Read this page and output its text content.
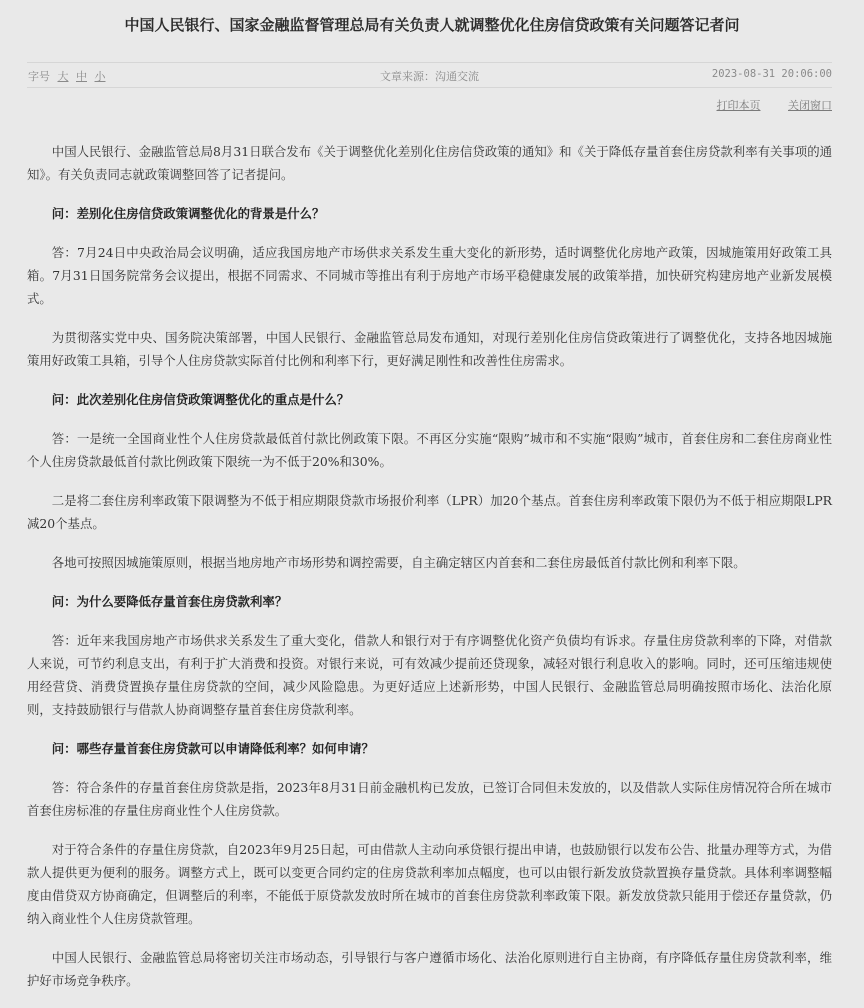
中国人民银行、国家金融监督管理总局有关负责人就调整优化住房信贷政策有关问题答记者问
字号 大 中 小	文章来源：沟通交流	2023-08-31 20:06:00
打印本页	关闭窗口

中国人民银行、金融监管总局8月31日联合发布《关于调整优化差别化住房信贷政策的通知》和《关于降低存量首套住房贷款利率有关事项的通知》。有关负责同志就政策调整回答了记者提问。

问：差别化住房信贷政策调整优化的背景是什么？

答：7月24日中央政治局会议明确，适应我国房地产市场供求关系发生重大变化的新形势，适时调整优化房地产政策，因城施策用好政策工具箱。7月31日国务院常务会议提出，根据不同需求、不同城市等推出有利于房地产市场平稳健康发展的政策举措，加快研究构建房地产业新发展模式。

为贯彻落实党中央、国务院决策部署，中国人民银行、金融监管总局发布通知，对现行差别化住房信贷政策进行了调整优化，支持各地因城施策用好政策工具箱，引导个人住房贷款实际首付比例和利率下行，更好满足刚性和改善性住房需求。

问：此次差别化住房信贷政策调整优化的重点是什么？

答：一是统一全国商业性个人住房贷款最低首付款比例政策下限。不再区分实施“限购”城市和不实施“限购”城市，首套住房和二套住房商业性个人住房贷款最低首付款比例政策下限统一为不低于20%和30%。

二是将二套住房利率政策下限调整为不低于相应期限贷款市场报价利率（LPR）加20个基点。首套住房利率政策下限仍为不低于相应期限LPR减20个基点。

各地可按照因城施策原则，根据当地房地产市场形势和调控需要，自主确定辖区内首套和二套住房最低首付款比例和利率下限。

问：为什么要降低存量首套住房贷款利率？

答：近年来我国房地产市场供求关系发生了重大变化，借款人和银行对于有序调整优化资产负债均有诉求。存量住房贷款利率的下降，对借款人来说，可节约利息支出，有利于扩大消费和投资。对银行来说，可有效减少提前还贷现象，减轻对银行利息收入的影响。同时，还可压缩违规使用经营贷、消费贷置换存量住房贷款的空间，减少风险隐患。为更好适应上述新形势，中国人民银行、金融监管总局明确按照市场化、法治化原则，支持鼓励银行与借款人协商调整存量首套住房贷款利率。

问：哪些存量首套住房贷款可以申请降低利率？如何申请？

答：符合条件的存量首套住房贷款是指，2023年8月31日前金融机构已发放，已签订合同但未发放的，以及借款人实际住房情况符合所在城市首套住房标准的存量住房商业性个人住房贷款。

对于符合条件的存量住房贷款，自2023年9月25日起，可由借款人主动向承贷银行提出申请，也鼓励银行以发布公告、批量办理等方式，为借款人提供更为便利的服务。调整方式上，既可以变更合同约定的住房贷款利率加点幅度，也可以由银行新发放贷款置换存量贷款。具体利率调整幅度由借贷双方协商确定，但调整后的利率，不能低于原贷款发放时所在城市的首套住房贷款利率政策下限。新发放贷款只能用于偿还存量贷款，仍纳入商业性个人住房贷款管理。

中国人民银行、金融监管总局将密切关注市场动态，引导银行与客户遵循市场化、法治化原则进行自主协商，有序降低存量住房贷款利率，维护好市场竞争秩序。
